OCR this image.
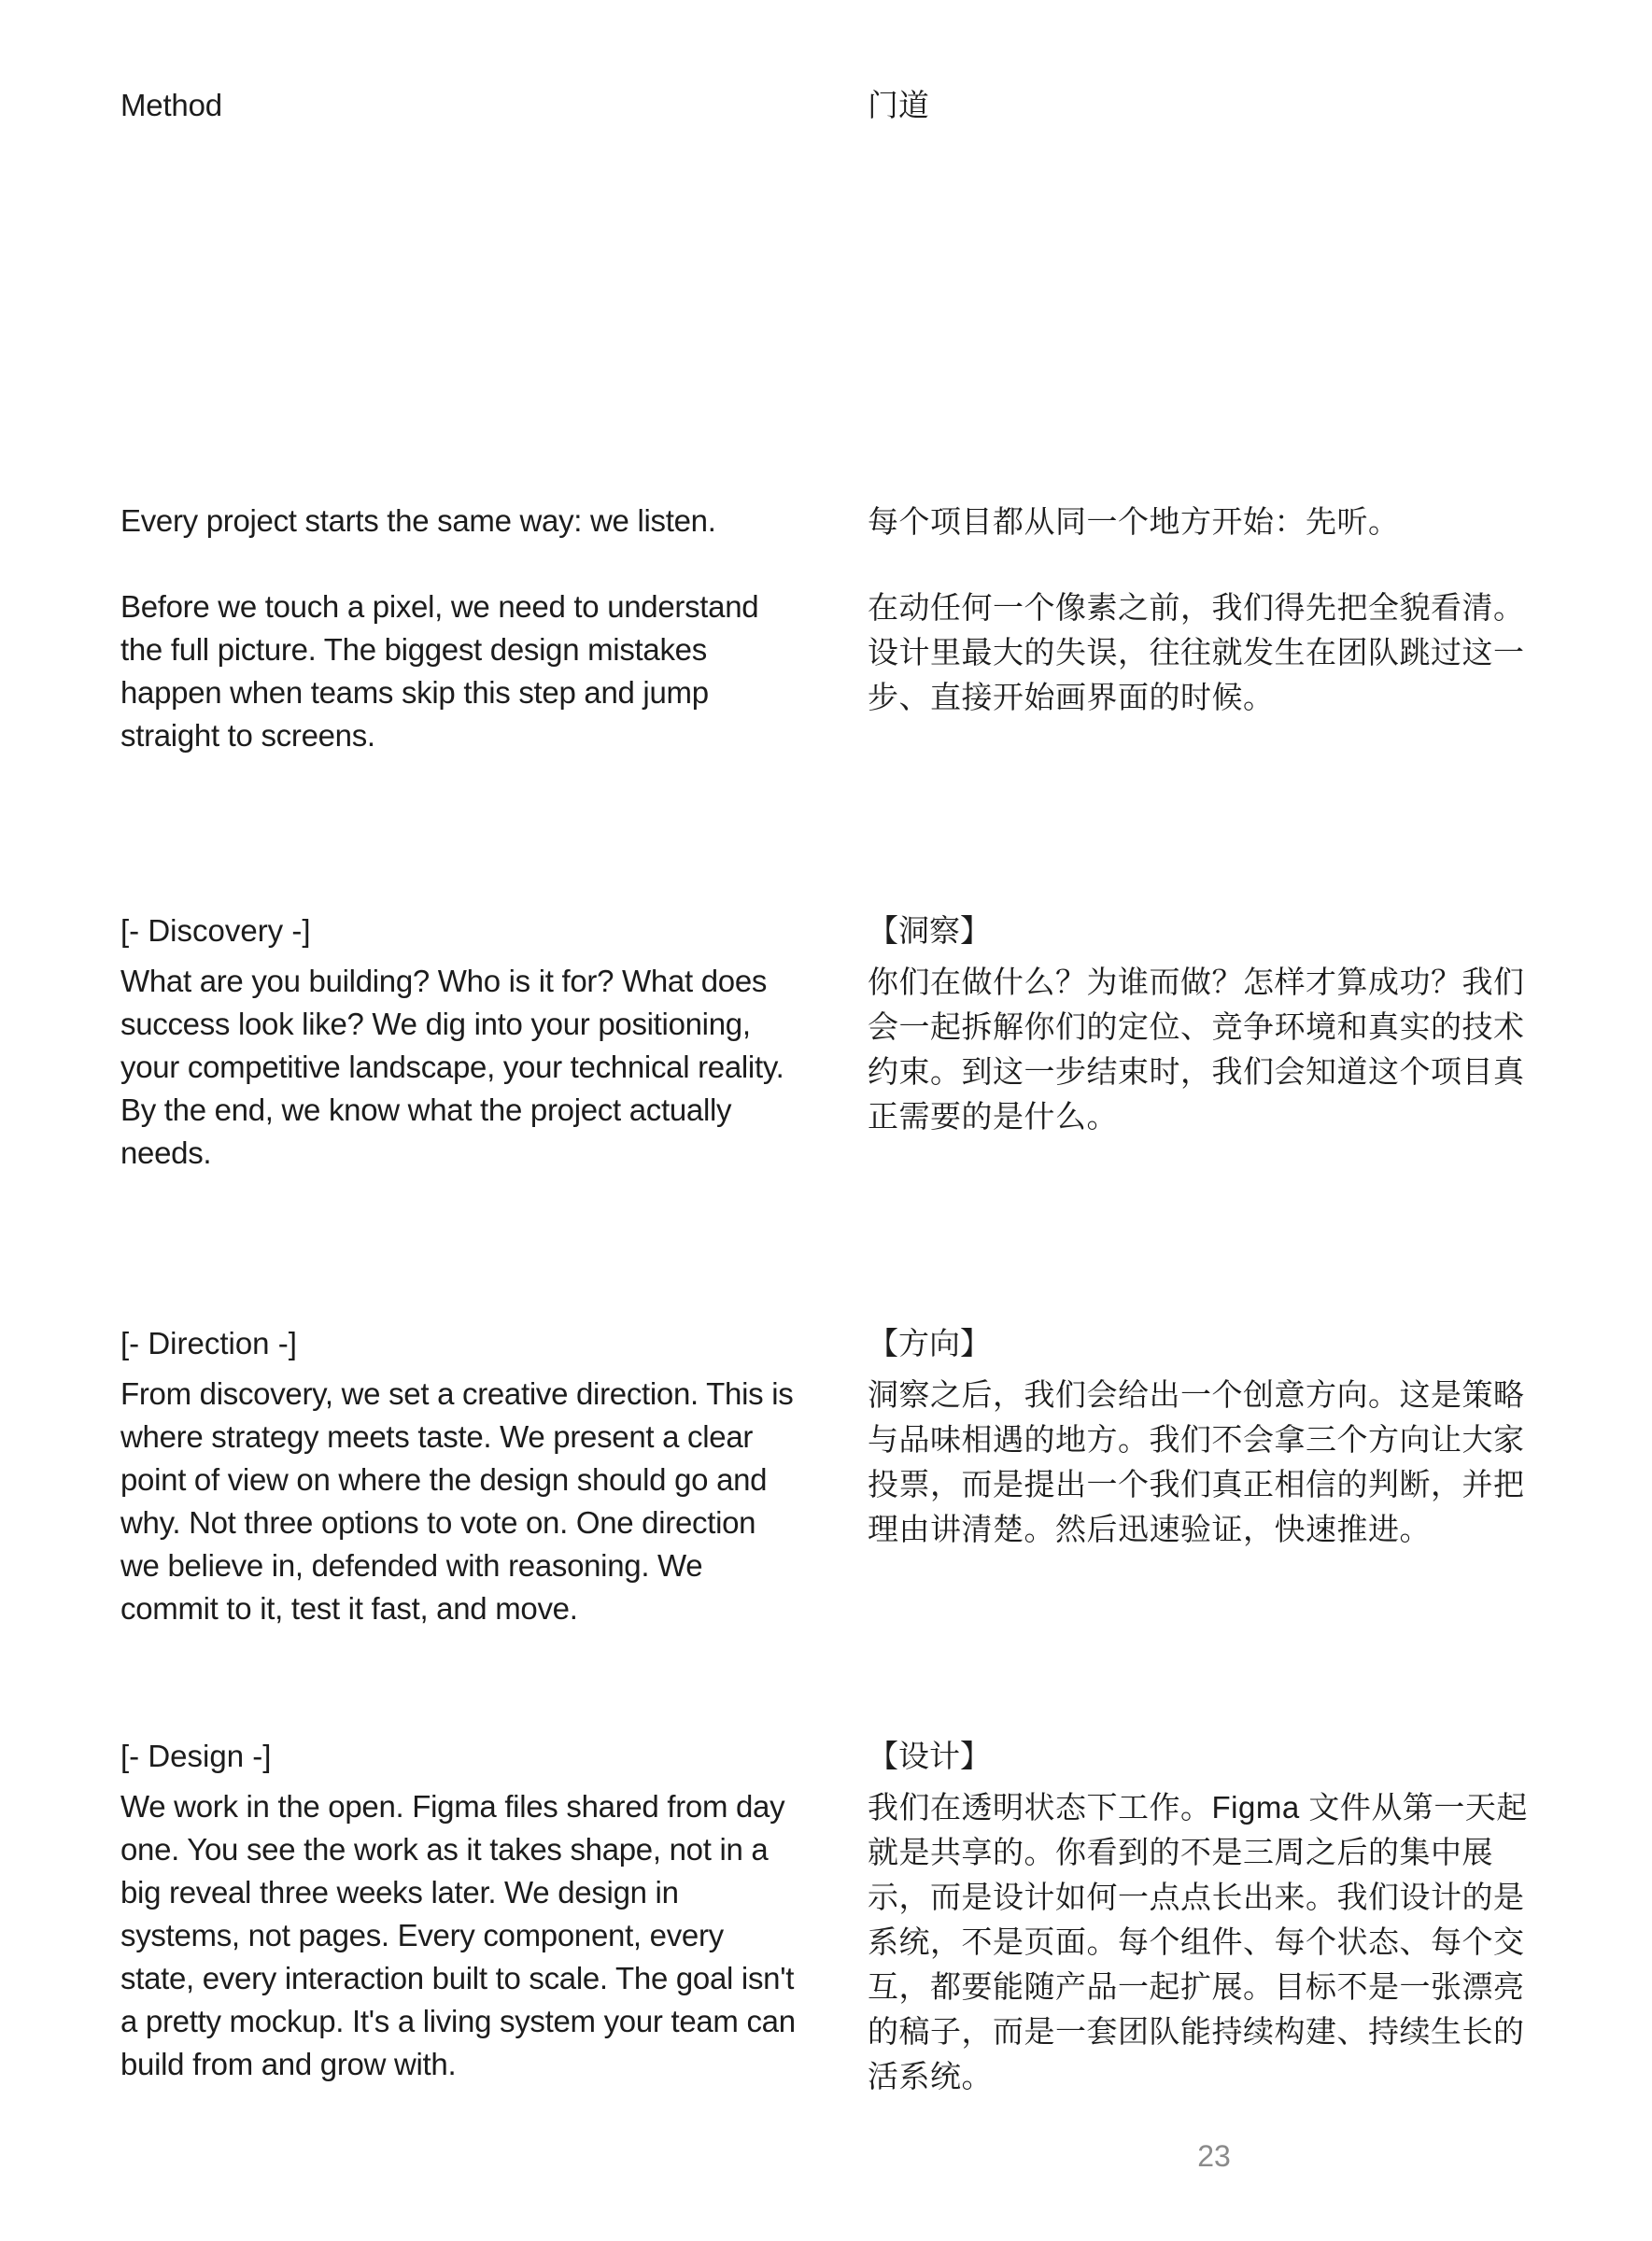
Method	门道

Every project starts the same way: we listen.

Before we touch a pixel, we need to understand the full picture. The biggest design mistakes happen when teams skip this step and jump straight to screens.

每个项目都从同一个地方开始：先听。

在动任何一个像素之前，我们得先把全貌看清。设计里最大的失误，往往就发生在团队跳过这一步、直接开始画界面的时候。

[- Discovery -]

What are you building? Who is it for? What does success look like? We dig into your positioning, your competitive landscape, your technical reality. By the end, we know what the project actually needs.

【洞察】

你们在做什么？为谁而做？怎样才算成功？我们会一起拆解你们的定位、竞争环境和真实的技术约束。到这一步结束时，我们会知道这个项目真正需要的是什么。

[- Direction -]

From discovery, we set a creative direction. This is where strategy meets taste. We present a clear point of view on where the design should go and why. Not three options to vote on. One direction we believe in, defended with reasoning. We commit to it, test it fast, and move.

【方向】

洞察之后，我们会给出一个创意方向。这是策略与品味相遇的地方。我们不会拿三个方向让大家投票，而是提出一个我们真正相信的判断，并把理由讲清楚。然后迅速验证，快速推进。

[- Design -]

We work in the open. Figma files shared from day one. You see the work as it takes shape, not in a big reveal three weeks later. We design in systems, not pages. Every component, every state, every interaction built to scale. The goal isn't a pretty mockup. It's a living system your team can build from and grow with.

【设计】

我们在透明状态下工作。Figma 文件从第一天起就是共享的。你看到的不是三周之后的集中展示，而是设计如何一点点长出来。我们设计的是系统，不是页面。每个组件、每个状态、每个交互，都要能随产品一起扩展。目标不是一张漂亮的稿子，而是一套团队能持续构建、持续生长的活系统。

23
